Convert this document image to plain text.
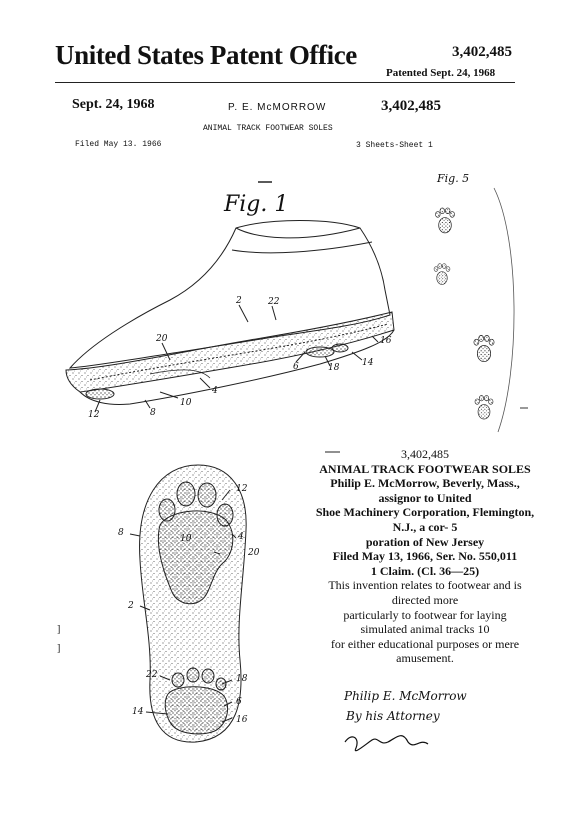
United States Patent Office	3,402,485
Patented Sept. 24, 1968
Sept. 24, 1968	P. E. McMORROW	3,402,485
ANIMAL TRACK FOOTWEAR SOLES
Filed May 13. 1966	3 Sheets-Sheet 1
Fig. 1
Fig. 5
2	22
20
4
10
8
12
6	18	14
16
12
8
10	4
20
2
22	18
6
14
16
3,402,485
ANIMAL TRACK FOOTWEAR SOLES
Philip E. McMorrow, Beverly, Mass.,
assignor to United
Shoe Machinery Corporation, Flemington,
N.J., a cor- 5
poration of New Jersey
Filed May 13, 1966, Ser. No. 550,011
1 Claim. (Cl. 36—25)
This invention relates to footwear and is
directed more
particularly to footwear for laying
simulated animal tracks 10
for either educational purposes or mere
amusement.
Philip E. McMorrow
By his Attorney
]
]
